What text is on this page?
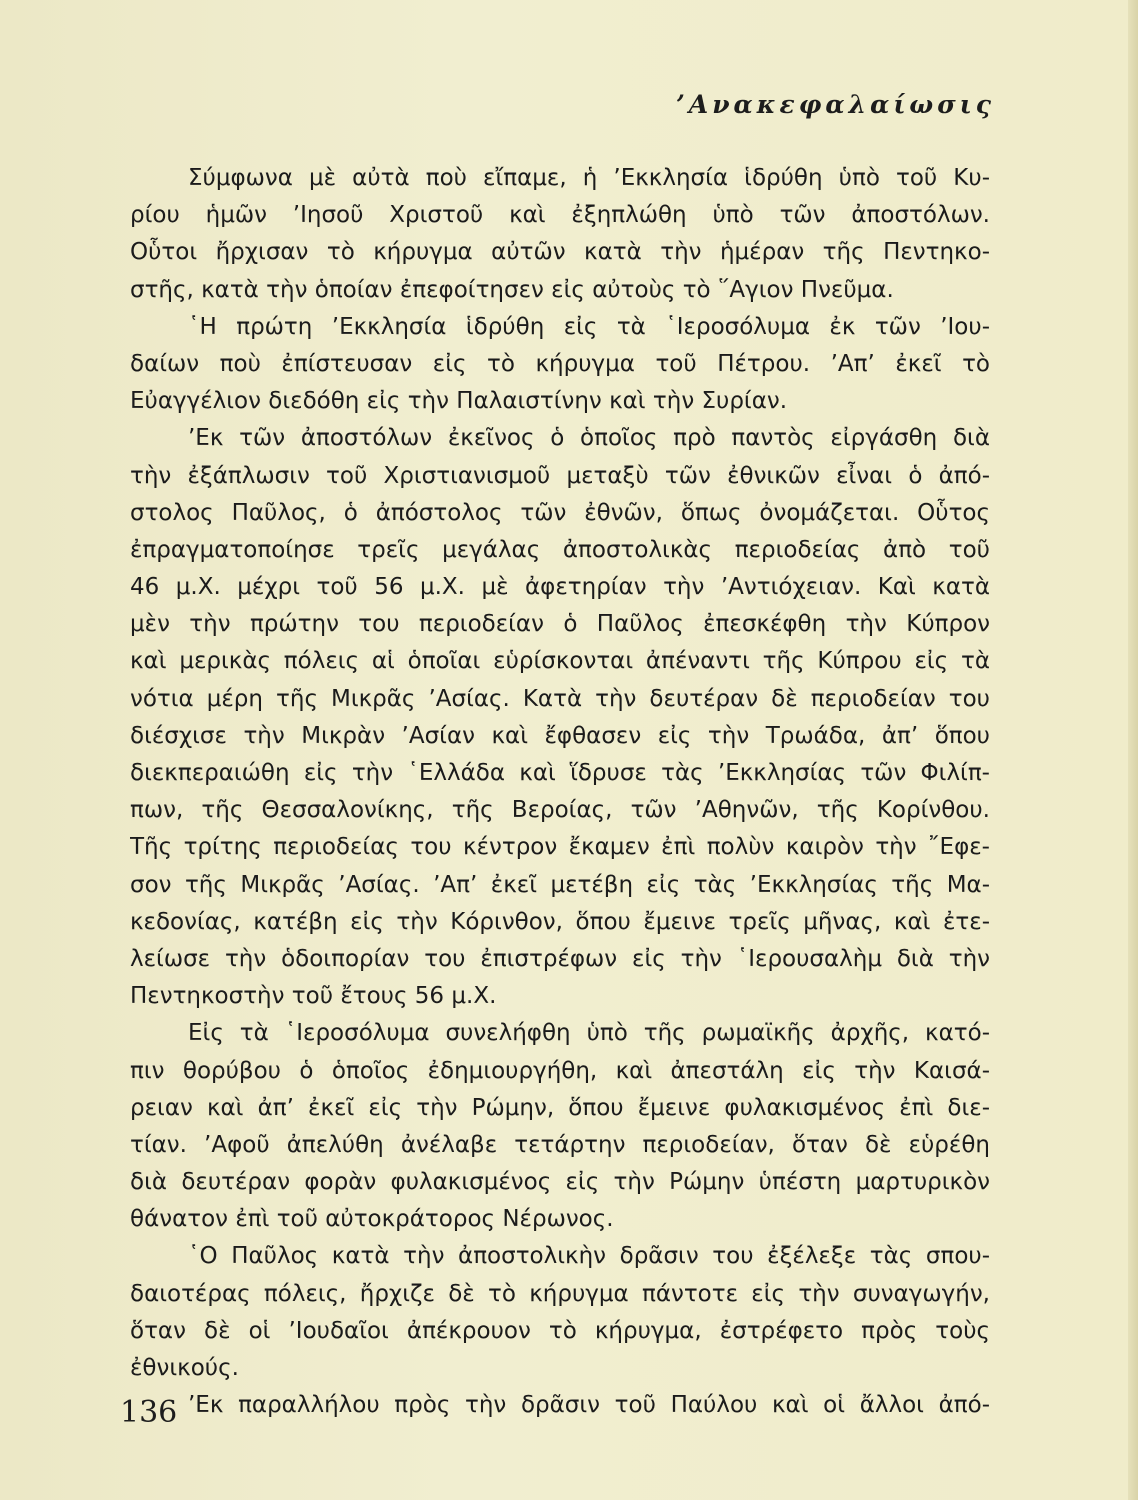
’Ανακεφαλαίωσις
Σύμφωνα μὲ αὐτὰ ποὺ εἴπαμε, ἡ ’Εκκλησία ἱδρύθη ὑπὸ τοῦ Κυ-
ρίου ἡμῶν ’Ιησοῦ Χριστοῦ καὶ ἐξηπλώθη ὑπὸ τῶν ἀποστόλων.
Οὗτοι ἤρχισαν τὸ κήρυγμα αὐτῶν κατὰ τὴν ἡμέραν τῆς Πεντηκο-
στῆς, κατὰ τὴν ὁποίαν ἐπεφοίτησεν εἰς αὐτοὺς τὸ ῞Αγιον Πνεῦμα.
῾Η πρώτη ’Εκκλησία ἱδρύθη εἰς τὰ ῾Ιεροσόλυμα ἐκ τῶν ’Ιου-
δαίων ποὺ ἐπίστευσαν εἰς τὸ κήρυγμα τοῦ Πέτρου. ’Απ’ ἐκεῖ τὸ
Εὐαγγέλιον διεδόθη εἰς τὴν Παλαιστίνην καὶ τὴν Συρίαν.
’Εκ τῶν ἀποστόλων ἐκεῖνος ὁ ὁποῖος πρὸ παντὸς εἰργάσθη διὰ
τὴν ἐξάπλωσιν τοῦ Χριστιανισμοῦ μεταξὺ τῶν ἐθνικῶν εἶναι ὁ ἀπό-
στολος Παῦλος, ὁ ἀπόστολος τῶν ἐθνῶν, ὅπως ὀνομάζεται. Οὗτος
ἐπραγματοποίησε τρεῖς μεγάλας ἀποστολικὰς περιοδείας ἀπὸ τοῦ
46 μ.Χ. μέχρι τοῦ 56 μ.Χ. μὲ ἀφετηρίαν τὴν ’Αντιόχειαν. Καὶ κατὰ
μὲν τὴν πρώτην του περιοδείαν ὁ Παῦλος ἐπεσκέφθη τὴν Κύπρον
καὶ μερικὰς πόλεις αἱ ὁποῖαι εὑρίσκονται ἀπέναντι τῆς Κύπρου εἰς τὰ
νότια μέρη τῆς Μικρᾶς ’Ασίας. Κατὰ τὴν δευτέραν δὲ περιοδείαν του
διέσχισε τὴν Μικρὰν ’Ασίαν καὶ ἔφθασεν εἰς τὴν Τρωάδα, ἀπ’ ὅπου
διεκπεραιώθη εἰς τὴν ῾Ελλάδα καὶ ἵδρυσε τὰς ’Εκκλησίας τῶν Φιλίπ-
πων, τῆς Θεσσαλονίκης, τῆς Βεροίας, τῶν ’Αθηνῶν, τῆς Κορίνθου.
Τῆς τρίτης περιοδείας του κέντρον ἔκαμεν ἐπὶ πολὺν καιρὸν τὴν ῎Εφε-
σον τῆς Μικρᾶς ’Ασίας. ’Απ’ ἐκεῖ μετέβη εἰς τὰς ’Εκκλησίας τῆς Μα-
κεδονίας, κατέβη εἰς τὴν Κόρινθον, ὅπου ἔμεινε τρεῖς μῆνας, καὶ ἐτε-
λείωσε τὴν ὁδοιπορίαν του ἐπιστρέφων εἰς τὴν ῾Ιερουσαλὴμ διὰ τὴν
Πεντηκοστὴν τοῦ ἔτους 56 μ.Χ.
Εἰς τὰ ῾Ιεροσόλυμα συνελήφθη ὑπὸ τῆς ρωμαϊκῆς ἀρχῆς, κατό-
πιν θορύβου ὁ ὁποῖος ἐδημιουργήθη, καὶ ἀπεστάλη εἰς τὴν Καισά-
ρειαν καὶ ἀπ’ ἐκεῖ εἰς τὴν Ρώμην, ὅπου ἔμεινε φυλακισμένος ἐπὶ διε-
τίαν. ’Αφοῦ ἀπελύθη ἀνέλαβε τετάρτην περιοδείαν, ὅταν δὲ εὑρέθη
διὰ δευτέραν φορὰν φυλακισμένος εἰς τὴν Ρώμην ὑπέστη μαρτυρικὸν
θάνατον ἐπὶ τοῦ αὐτοκράτορος Νέρωνος.
῾Ο Παῦλος κατὰ τὴν ἀποστολικὴν δρᾶσιν του ἐξέλεξε τὰς σπου-
δαιοτέρας πόλεις, ἤρχιζε δὲ τὸ κήρυγμα πάντοτε εἰς τὴν συναγωγήν,
ὅταν δὲ οἱ ’Ιουδαῖοι ἀπέκρουον τὸ κήρυγμα, ἐστρέφετο πρὸς τοὺς
ἐθνικούς.
’Εκ παραλλήλου πρὸς τὴν δρᾶσιν τοῦ Παύλου καὶ οἱ ἄλλοι ἀπό-
136
